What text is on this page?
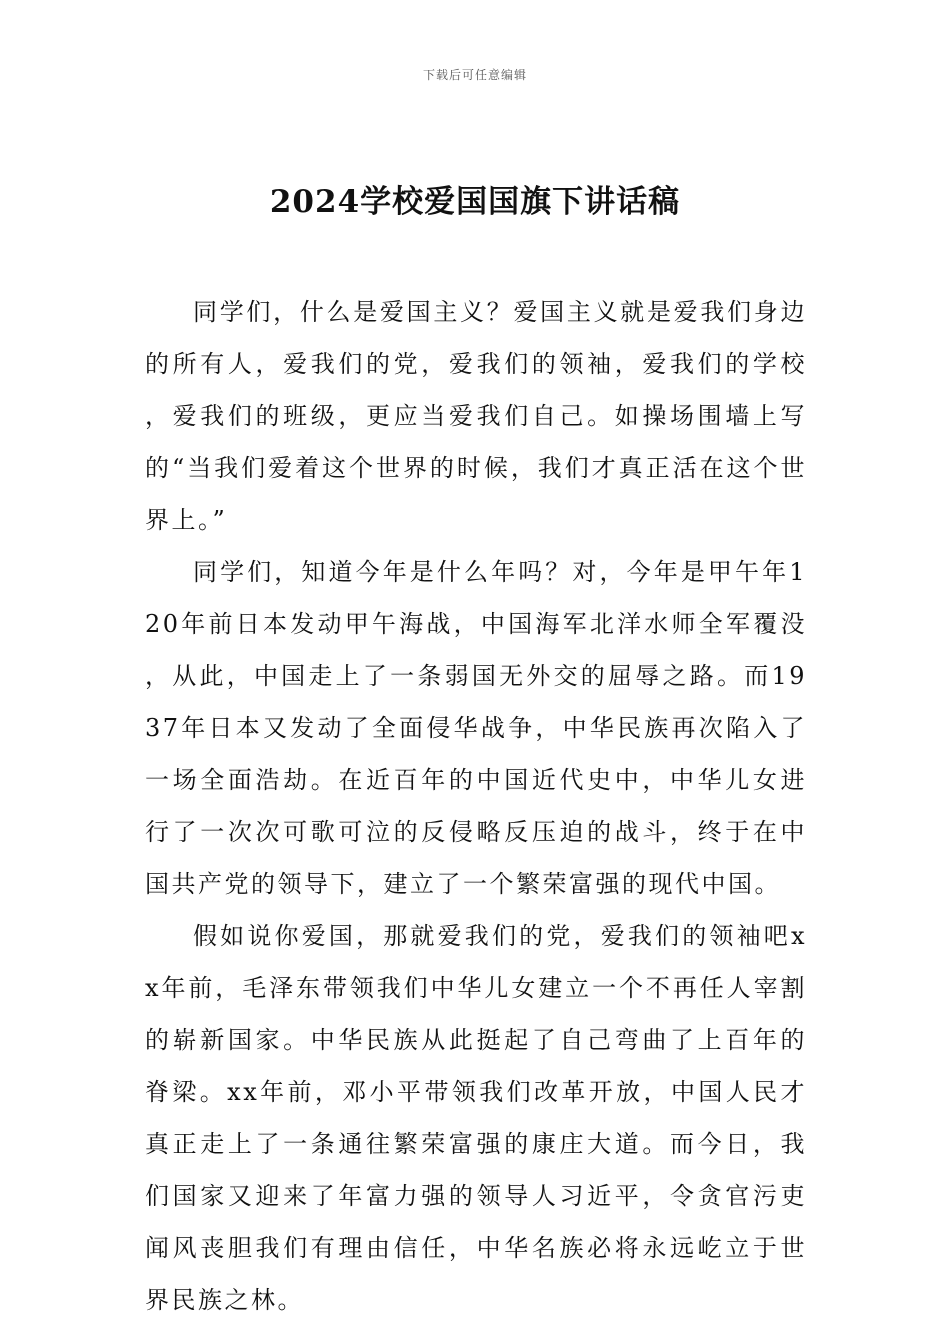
下载后可任意编辑
2024学校爱国国旗下讲话稿

同学们，什么是爱国主义？爱国主义就是爱我们身边的所有人，爱我们的党，爱我们的领袖，爱我们的学校，爱我们的班级，更应当爱我们自己。如操场围墙上写的“当我们爱着这个世界的时候，我们才真正活在这个世界上。”

同学们，知道今年是什么年吗？对，今年是甲午年120年前日本发动甲午海战，中国海军北洋水师全军覆没，从此，中国走上了一条弱国无外交的屈辱之路。而1937年日本又发动了全面侵华战争，中华民族再次陷入了一场全面浩劫。在近百年的中国近代史中，中华儿女进行了一次次可歌可泣的反侵略反压迫的战斗，终于在中国共产党的领导下，建立了一个繁荣富强的现代中国。

假如说你爱国，那就爱我们的党，爱我们的领袖吧xx年前，毛泽东带领我们中华儿女建立一个不再任人宰割的崭新国家。中华民族从此挺起了自己弯曲了上百年的脊梁。xx年前，邓小平带领我们改革开放，中国人民才真正走上了一条通往繁荣富强的康庄大道。而今日，我们国家又迎来了年富力强的领导人习近平，令贪官污吏闻风丧胆我们有理由信任，中华名族必将永远屹立于世界民族之林。
